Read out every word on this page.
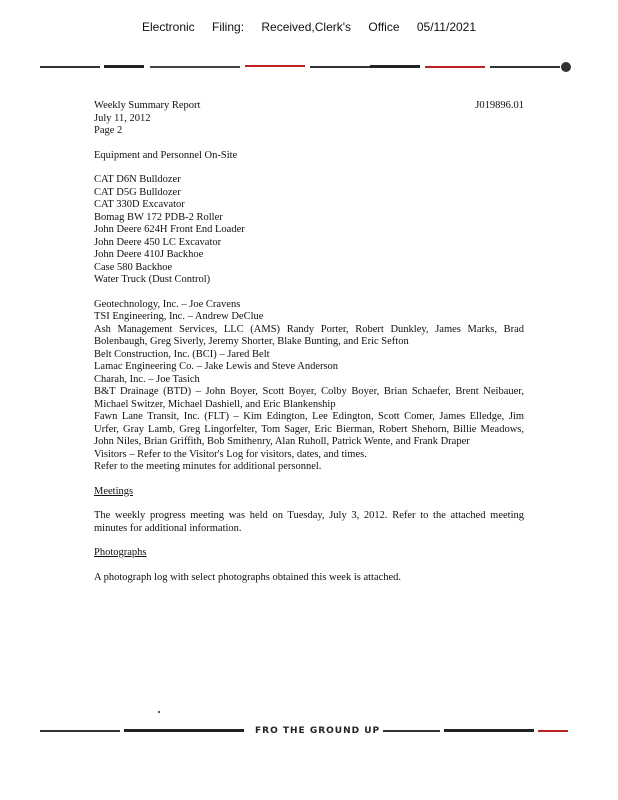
Electronic Filing: Received,Clerk's Office 05/11/2021
Weekly Summary Report
July 11, 2012
Page 2
J019896.01
Equipment and Personnel On-Site
CAT D6N Bulldozer
CAT D5G Bulldozer
CAT 330D Excavator
Bomag BW 172 PDB-2 Roller
John Deere 624H Front End Loader
John Deere 450 LC Excavator
John Deere 410J Backhoe
Case 580 Backhoe
Water Truck (Dust Control)
Geotechnology, Inc. – Joe Cravens
TSI Engineering, Inc. – Andrew DeClue
Ash Management Services, LLC (AMS) Randy Porter, Robert Dunkley, James Marks, Brad Bolenbaugh, Greg Siverly, Jeremy Shorter, Blake Bunting, and Eric Sefton
Belt Construction, Inc. (BCI) – Jared Belt
Lamac Engineering Co. – Jake Lewis and Steve Anderson
Charah, Inc. – Joe Tasich
B&T Drainage (BTD) – John Boyer, Scott Boyer, Colby Boyer, Brian Schaefer, Brent Neibauer, Michael Switzer, Michael Dashiell, and Eric Blankenship
Fawn Lane Transit, Inc. (FLT) – Kim Edington, Lee Edington, Scott Comer, James Elledge, Jim Urfer, Gray Lamb, Greg Lingorfelter, Tom Sager, Eric Bierman, Robert Shehorn, Billie Meadows, John Niles, Brian Griffith, Bob Smithenry, Alan Ruholl, Patrick Wente, and Frank Draper
Visitors – Refer to the Visitor's Log for visitors, dates, and times.
Refer to the meeting minutes for additional personnel.
Meetings
The weekly progress meeting was held on Tuesday, July 3, 2012. Refer to the attached meeting minutes for additional information.
Photographs
A photograph log with select photographs obtained this week is attached.
FRO THE GROUND UP
